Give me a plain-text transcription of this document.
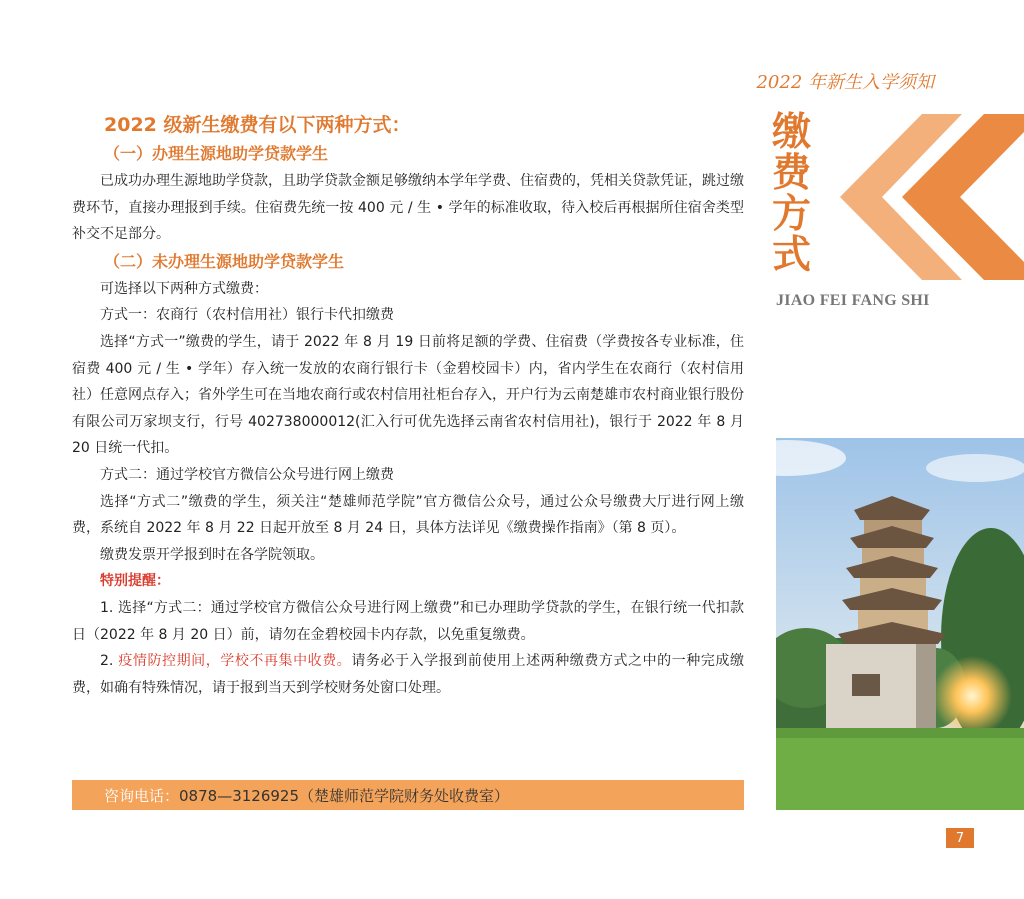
2022 年新生入学须知
2022 级新生缴费有以下两种方式：
（一）办理生源地助学贷款学生

已成功办理生源地助学贷款，且助学贷款金额足够缴纳本学年学费、住宿费的，凭相关贷款凭证，跳过缴费环节，直接办理报到手续。住宿费先统一按 400 元 / 生 • 学年的标准收取，待入校后再根据所住宿舍类型补交不足部分。

（二）未办理生源地助学贷款学生

可选择以下两种方式缴费：

方式一：农商行（农村信用社）银行卡代扣缴费

选择“方式一”缴费的学生，请于 2022 年 8 月 19 日前将足额的学费、住宿费（学费按各专业标准，住宿费 400 元 / 生 • 学年）存入统一发放的农商行银行卡（金碧校园卡）内，省内学生在农商行（农村信用社）任意网点存入；省外学生可在当地农商行或农村信用社柜台存入，开户行为云南楚雄市农村商业银行股份有限公司万家坝支行，行号 402738000012(汇入行可优先选择云南省农村信用社)，银行于 2022 年 8 月 20 日统一代扣。

方式二：通过学校官方微信公众号进行网上缴费

选择“方式二”缴费的学生，须关注“楚雄师范学院”官方微信公众号，通过公众号缴费大厅进行网上缴费，系统自 2022 年 8 月 22 日起开放至 8 月 24 日，具体方法详见《缴费操作指南》（第 8 页）。

缴费发票开学报到时在各学院领取。

特别提醒：

1. 选择“方式二：通过学校官方微信公众号进行网上缴费”和已办理助学贷款的学生，在银行统一代扣款日（2022 年 8 月 20 日）前，请勿在金碧校园卡内存款，以免重复缴费。

2. 疫情防控期间，学校不再集中收费。请务必于入学报到前使用上述两种缴费方式之中的一种完成缴费，如确有特殊情况，请于报到当天到学校财务处窗口处理。

咨询电话： 0878—3126925（楚雄师范学院财务处收费室）
缴
费
方
式
JIAO FEI FANG SHI
7
